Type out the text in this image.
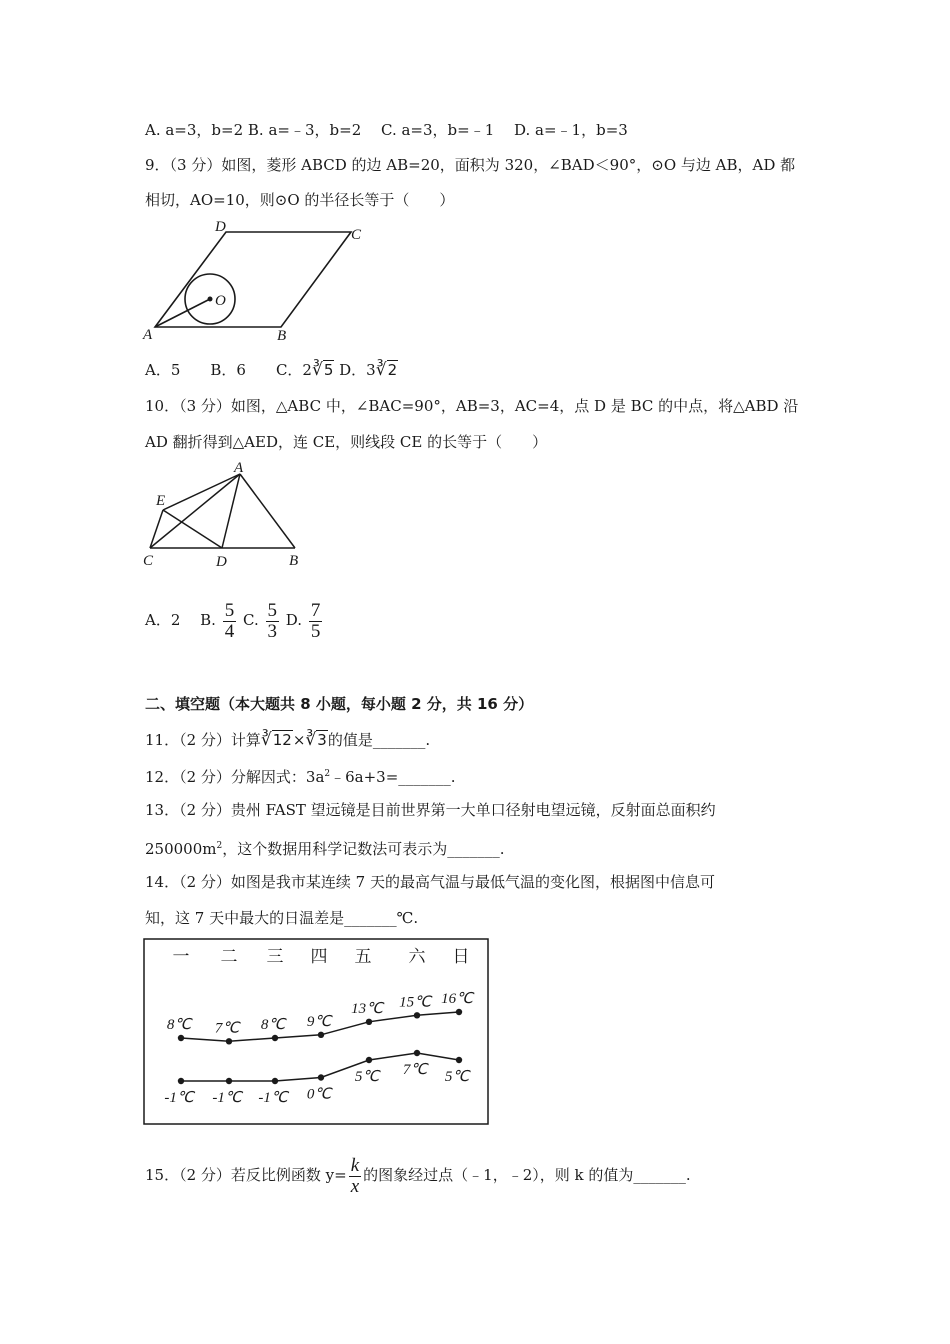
A. a=3，b=2 B. a=﹣3，b=2　 C. a=3，b=﹣1　 D. a=﹣1，b=3
9．（3 分）如图，菱形 ABCD 的边 AB=20，面积为 320，∠BAD＜90°，⊙O 与边 AB，AD 都
相切，AO=10，则⊙O 的半径长等于（　　）
A	B
C
D
O
A．5　　B．6　　C．2∛5 D．3∛2
10．（3 分）如图，△ABC 中，∠BAC=90°，AB=3，AC=4，点 D 是 BC 的中点，将△ABD 沿
AD 翻折得到△AED，连 CE，则线段 CE 的长等于（　　）
A
B
C	D
E
A．2　 B. $\frac{5}{4} C$. $\frac{5}{3} D$. $\frac{7}{5}$
二、填空题（本大题共 8 小题，每小题 2 分，共 16 分）
11．（2 分）计算∛12×∛3的值是_______.
12．（2 分）分解因式：$3a^2﹣6a+3=\_\_\_\_\_\_\_$.
13．（2 分）贵州 FAST 望远镜是目前世界第一大单口径射电望远镜，反射面总面积约
$250000m^2$，这个数据用科学记数法可表示为_______.
14．（2 分）如图是我市某连续 7 天的最高气温与最低气温的变化图，根据图中信息可
知，这 7 天中最大的日温差是_______℃.
一 二 三 四 五 六 日
8℃ 7℃ 8℃ 9℃
13℃ 15℃ 16℃
-1℃ -1℃ -1℃ 0℃
5℃ 7℃ 5℃
15．（2 分）若反比例函数 $y= \frac{k}{x}$ 的图象经过点（﹣1，﹣2），则 k 的值为_______.
